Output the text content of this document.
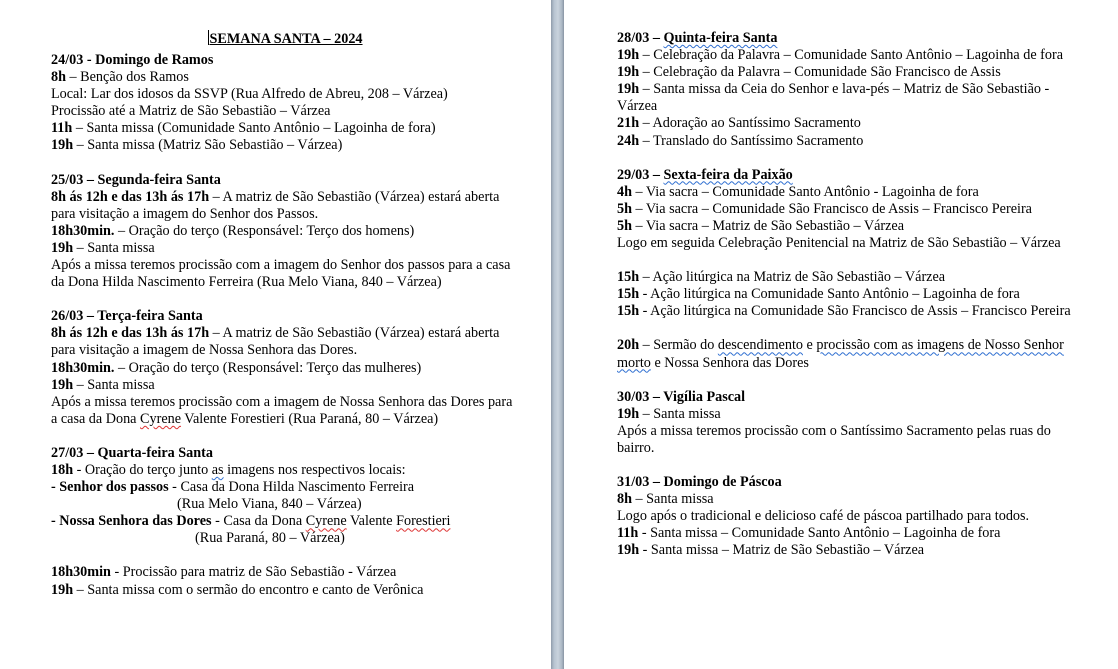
SEMANA SANTA – 2024
24/03 - Domingo de Ramos
8h – Benção dos Ramos
Local: Lar dos idosos da SSVP (Rua Alfredo de Abreu, 208 – Várzea)
Procissão até a Matriz de São Sebastião – Várzea
11h – Santa missa (Comunidade Santo Antônio – Lagoinha de fora)
19h – Santa missa (Matriz São Sebastião – Várzea)
25/03 – Segunda-feira Santa
8h ás 12h e das 13h ás 17h – A matriz de São Sebastião (Várzea) estará aberta para visitação a imagem do Senhor dos Passos.
18h30min. – Oração do terço (Responsável: Terço dos homens)
19h – Santa missa
Após a missa teremos procissão com a imagem do Senhor dos passos para a casa da Dona Hilda Nascimento Ferreira (Rua Melo Viana, 840 – Várzea)
26/03 – Terça-feira Santa
8h ás 12h e das 13h ás 17h – A matriz de São Sebastião (Várzea) estará aberta para visitação a imagem de Nossa Senhora das Dores.
18h30min. – Oração do terço (Responsável: Terço das mulheres)
19h – Santa missa
Após a missa teremos procissão com a imagem de Nossa Senhora das Dores para a casa da Dona Cyrene Valente Forestieri (Rua Paraná, 80 – Várzea)
27/03 – Quarta-feira Santa
18h - Oração do terço junto as imagens nos respectivos locais:
- Senhor dos passos - Casa da Dona Hilda Nascimento Ferreira
(Rua Melo Viana, 840 – Várzea)
- Nossa Senhora das Dores - Casa da Dona Cyrene Valente Forestieri
(Rua Paraná, 80 – Várzea)
18h30min - Procissão para matriz de São Sebastião - Várzea
19h – Santa missa com o sermão do encontro e canto de Verônica
28/03 – Quinta-feira Santa
19h – Celebração da Palavra – Comunidade Santo Antônio – Lagoinha de fora
19h – Celebração da Palavra – Comunidade São Francisco de Assis
19h – Santa missa da Ceia do Senhor e lava-pés – Matriz de São Sebastião - Várzea
21h – Adoração ao Santíssimo Sacramento
24h – Translado do Santíssimo Sacramento
29/03 – Sexta-feira da Paixão
4h – Via sacra – Comunidade Santo Antônio - Lagoinha de fora
5h – Via sacra – Comunidade São Francisco de Assis – Francisco Pereira
5h – Via sacra – Matriz de São Sebastião – Várzea
Logo em seguida Celebração Penitencial na Matriz de São Sebastião – Várzea
15h – Ação litúrgica na Matriz de São Sebastião – Várzea
15h - Ação litúrgica na Comunidade Santo Antônio – Lagoinha de fora
15h - Ação litúrgica na Comunidade São Francisco de Assis – Francisco Pereira
20h – Sermão do descendimento e procissão com as imagens de Nosso Senhor morto e Nossa Senhora das Dores
30/03 – Vigília Pascal
19h – Santa missa
Após a missa teremos procissão com o Santíssimo Sacramento pelas ruas do bairro.
31/03 – Domingo de Páscoa
8h – Santa missa
Logo após o tradicional e delicioso café de páscoa partilhado para todos.
11h - Santa missa – Comunidade Santo Antônio – Lagoinha de fora
19h - Santa missa – Matriz de São Sebastião – Várzea
